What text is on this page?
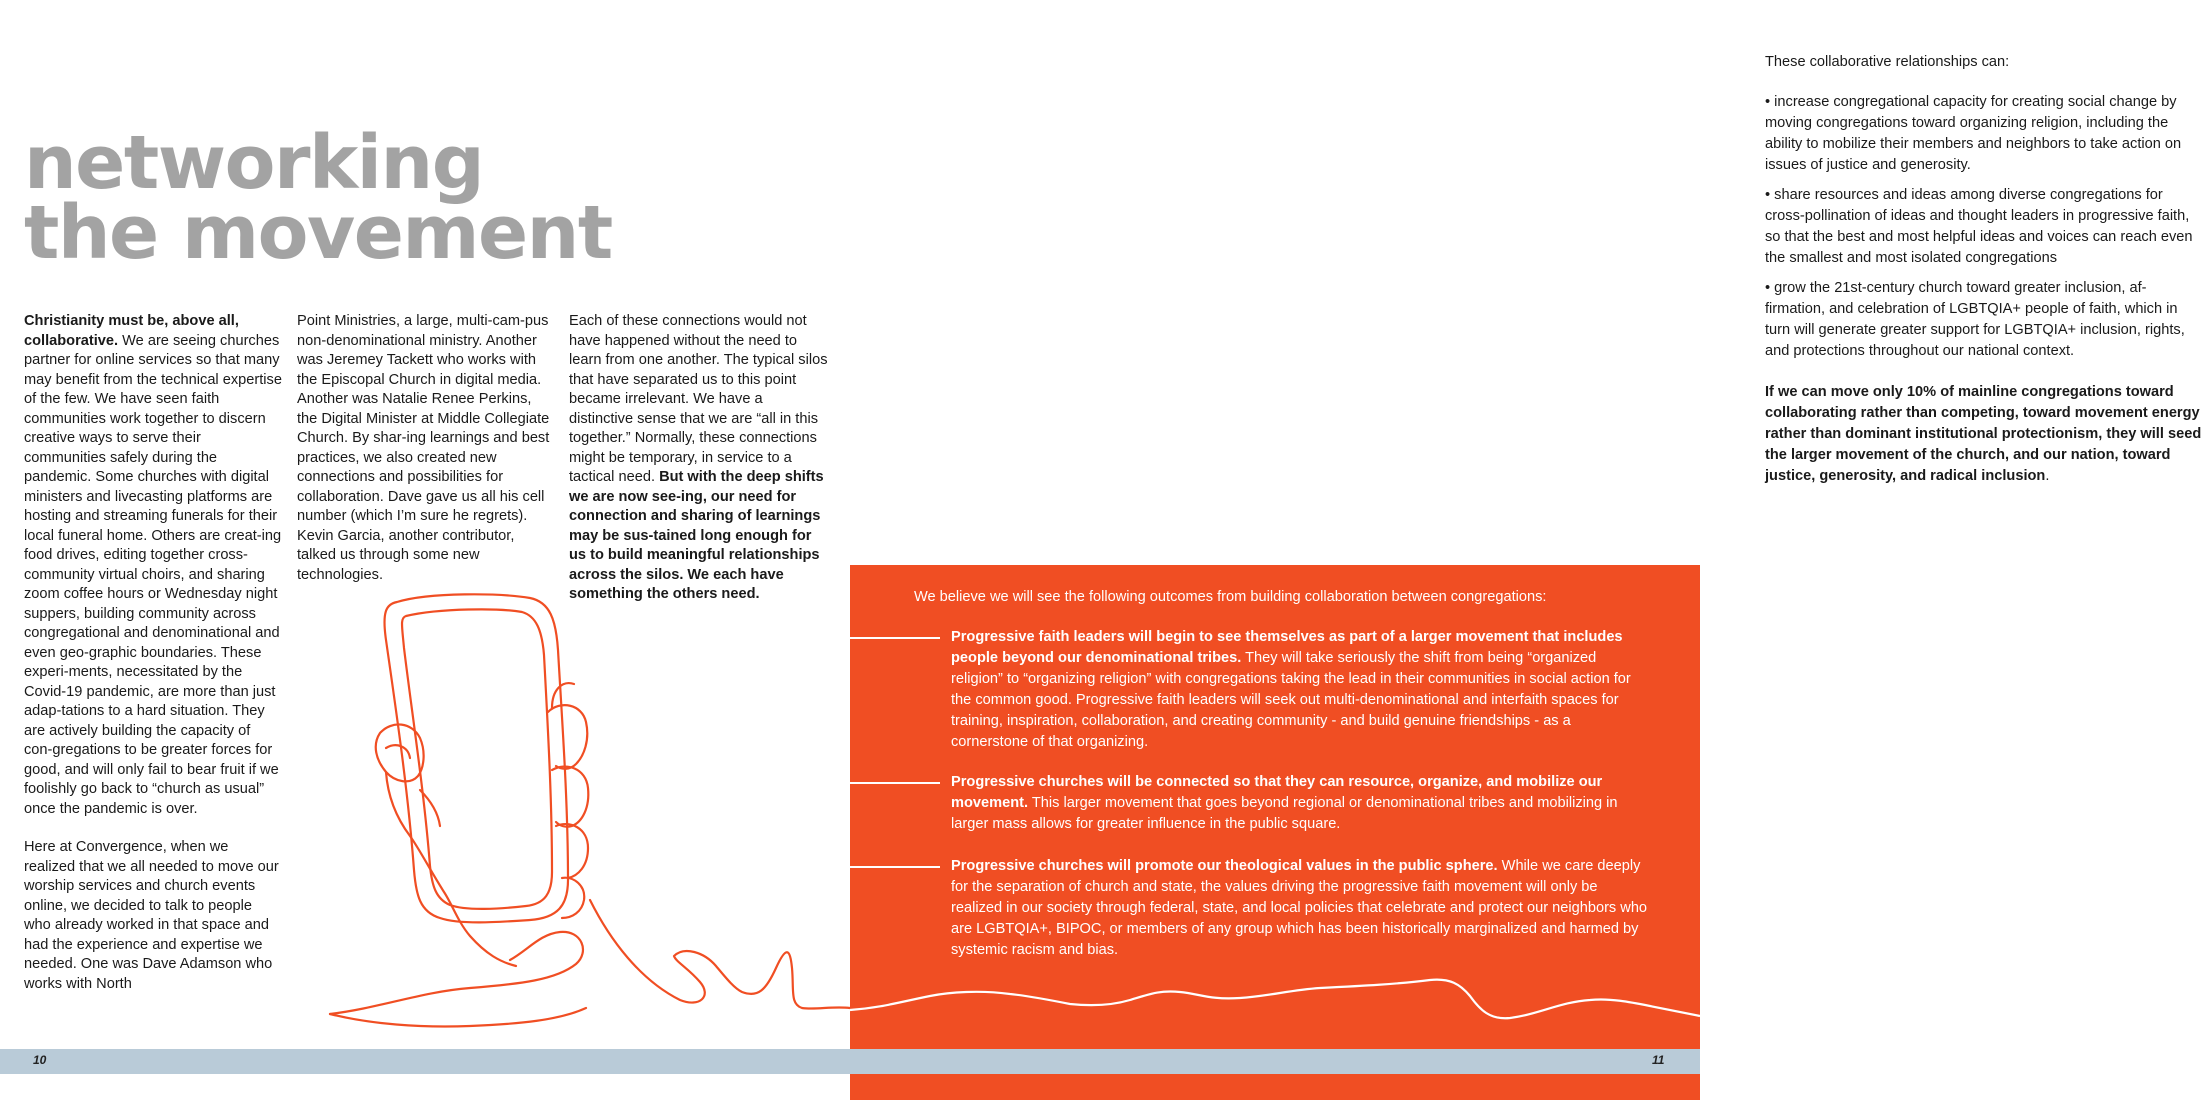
networking the movement

Christianity must be, above all, collaborative. We are seeing churches partner for online services so that many may benefit from the technical expertise of the few. We have seen faith communities work together to discern creative ways to serve their communities safely during the pandemic. Some churches with digital ministers and livecasting platforms are hosting and streaming funerals for their local funeral home. Others are creat-ing food drives, editing together cross-community virtual choirs, and sharing zoom coffee hours or Wednesday night suppers, building community across congregational and denominational and even geo-graphic boundaries. These experi-ments, necessitated by the Covid-19 pandemic, are more than just adap-tations to a hard situation. They are actively building the capacity of con-gregations to be greater forces for good, and will only fail to bear fruit if we foolishly go back to “church as usual” once the pandemic is over.

Here at Convergence, when we realized that we all needed to move our worship services and church events online, we decided to talk to people who already worked in that space and had the experience and expertise we needed. One was Dave Adamson who works with North

Point Ministries, a large, multi-cam-pus non-denominational ministry. Another was Jeremey Tackett who works with the Episcopal Church in digital media. Another was Natalie Renee Perkins, the Digital Minister at Middle Collegiate Church. By shar-ing learnings and best practices, we also created new connections and possibilities for collaboration. Dave gave us all his cell number (which I’m sure he regrets). Kevin Garcia, another contributor, talked us through some new technologies.

Each of these connections would not have happened without the need to learn from one another. The typical silos that have separated us to this point became irrelevant. We have a distinctive sense that we are “all in this together.” Normally, these connections might be temporary, in service to a tactical need. But with the deep shifts we are now see-ing, our need for connection and sharing of learnings may be sus-tained long enough for us to build meaningful relationships across the silos. We each have something the others need.

These collaborative relationships can:

• increase congregational capacity for creating social change by moving congregations toward organizing religion, including the ability to mobilize their members and neighbors to take action on issues of justice and generosity.

• share resources and ideas among diverse congregations for cross-pollination of ideas and thought leaders in progressive faith, so that the best and most helpful ideas and voices can reach even the smallest and most isolated congregations

• grow the 21st-century church toward greater inclusion, af-firmation, and celebration of LGBTQIA+ people of faith, which in turn will generate greater support for LGBTQIA+ inclusion, rights, and protections throughout our national context.

If we can move only 10% of mainline congregations toward collaborating rather than competing, toward movement energy rather than dominant institutional protectionism, they will seed the larger movement of the church, and our nation, toward justice, generosity, and radical inclusion.

We believe we will see the following outcomes from building collaboration between congregations:

Progressive faith leaders will begin to see themselves as part of a larger movement that includes people beyond our denominational tribes. They will take seriously the shift from being “organized religion” to “organizing religion” with congregations taking the lead in their communities in social action for the common good. Progressive faith leaders will seek out multi-denominational and interfaith spaces for training, inspiration, collaboration, and creating community - and build genuine friendships - as a cornerstone of that organizing.

Progressive churches will be connected so that they can resource, organize, and mobilize our movement. This larger movement that goes beyond regional or denominational tribes and mobilizing in larger mass allows for greater influence in the public square.

Progressive churches will promote our theological values in the public sphere. While we care deeply for the separation of church and state, the values driving the progressive faith movement will only be realized in our society through federal, state, and local policies that celebrate and protect our neighbors who are LGBTQIA+, BIPOC, or members of any group which has been historically marginalized and harmed by systemic racism and bias.

10	11
